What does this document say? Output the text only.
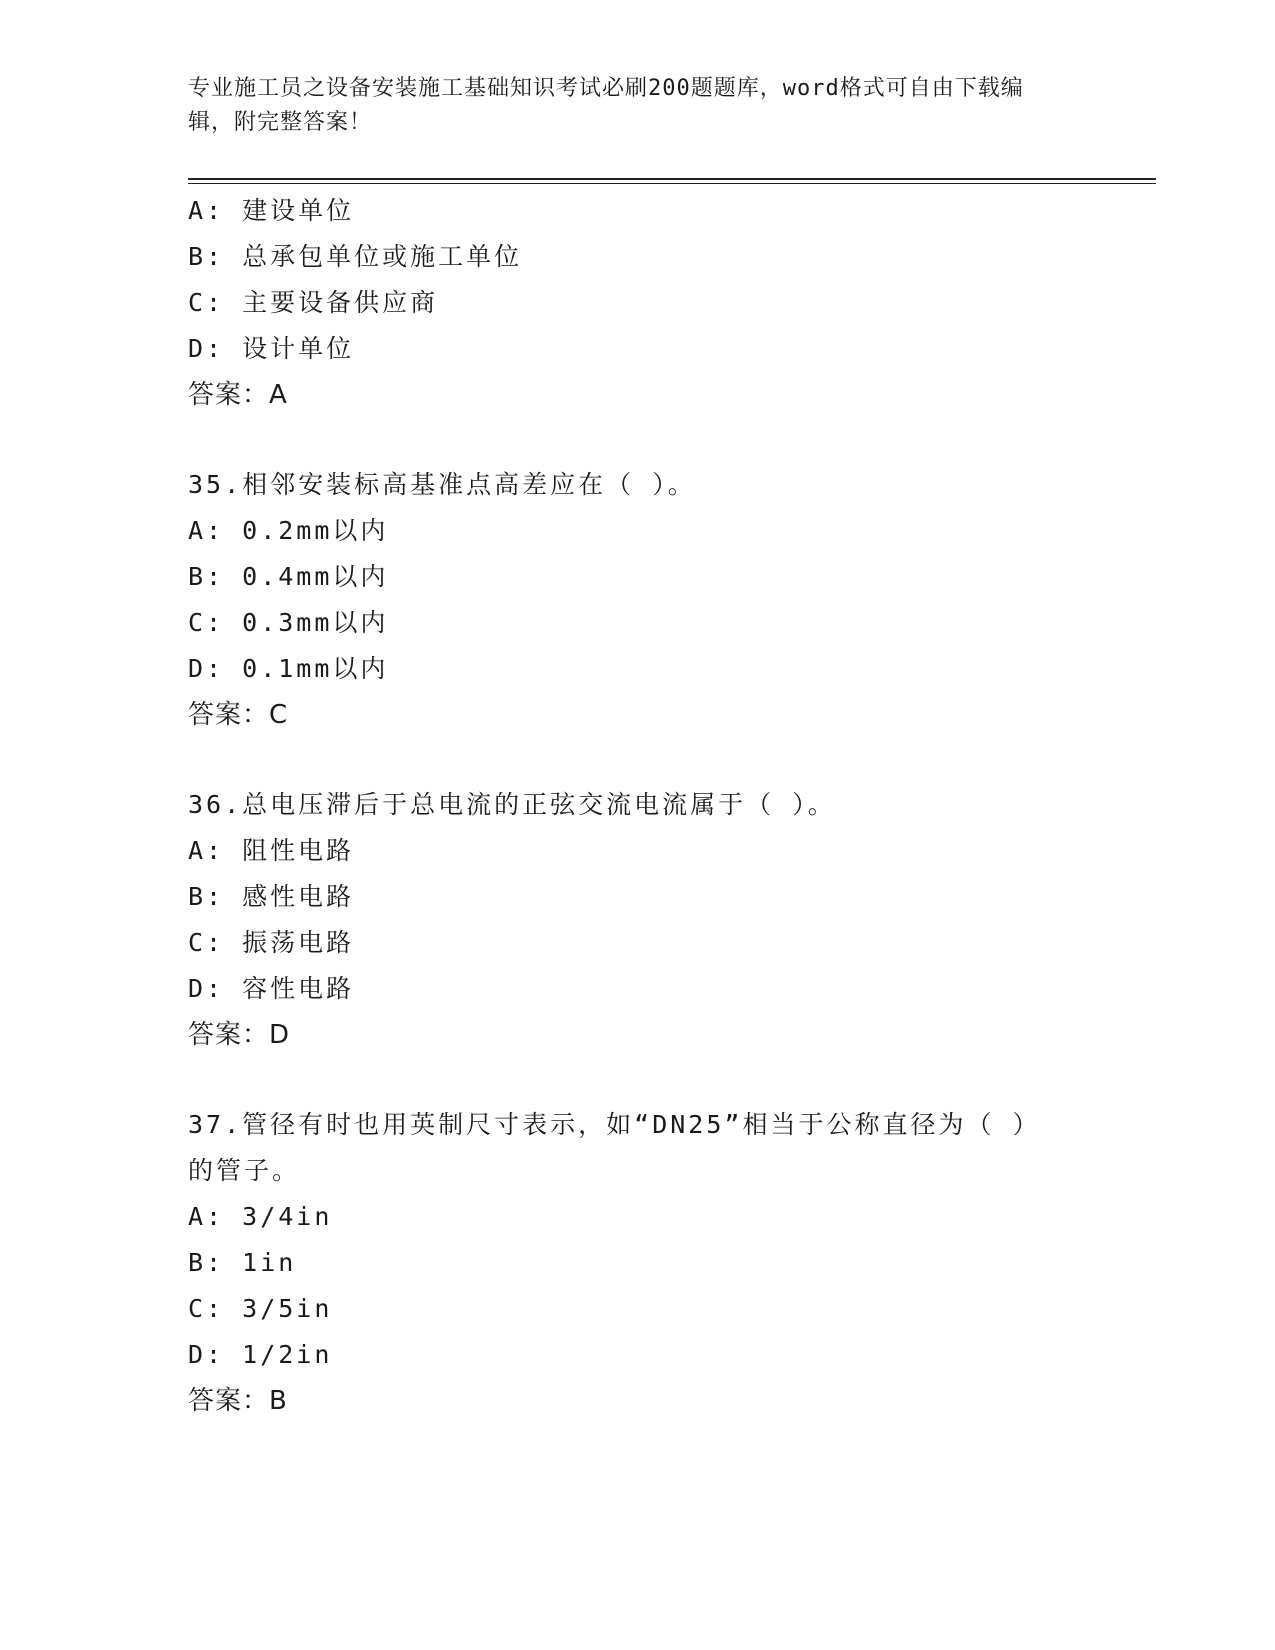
专业施工员之设备安装施工基础知识考试必刷200题题库，word格式可自由下载编辑，附完整答案！
A: 建设单位
B: 总承包单位或施工单位
C: 主要设备供应商
D: 设计单位
答案：A
35.相邻安装标高基准点高差应在（ ）。
A: 0.2mm以内
B: 0.4mm以内
C: 0.3mm以内
D: 0.1mm以内
答案：C
36.总电压滞后于总电流的正弦交流电流属于（ ）。
A: 阻性电路
B: 感性电路
C: 振荡电路
D: 容性电路
答案：D
37.管径有时也用英制尺寸表示，如“DN25”相当于公称直径为（ ）的管子。
A: 3/4in
B: 1in
C: 3/5in
D: 1/2in
答案：B
